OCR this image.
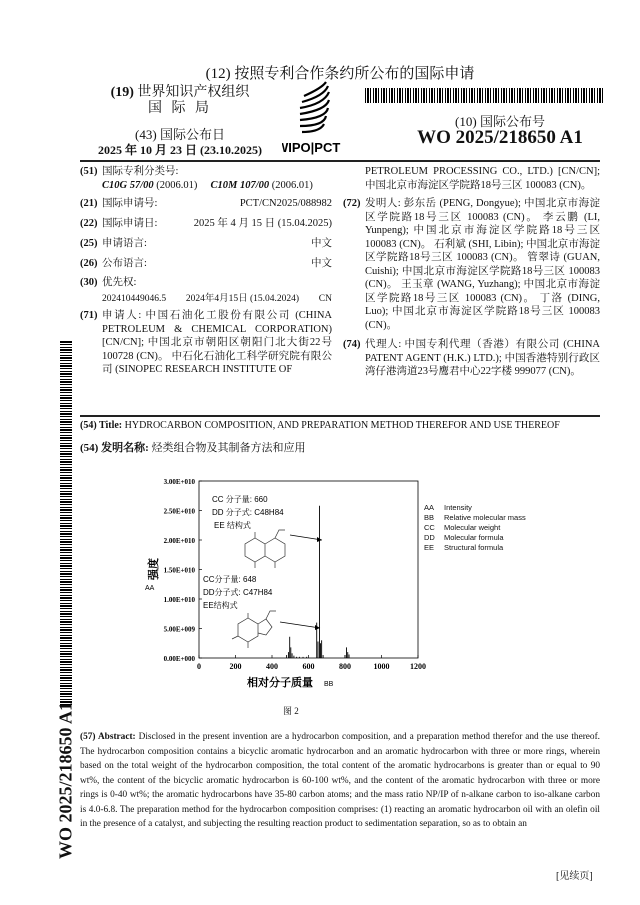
(12) 按照专利合作条约所公布的国际申请
(19) 世界知识产权组织
国 际 局
(43) 国际公布日
2025 年 10 月 23 日 (23.10.2025)	WIPO|PCT
(10) 国际公布号
WO 2025/218650 A1
(51) 国际专利分类号:
C10G 57/00 (2006.01) C10M 107/00 (2006.01)
(21) 国际申请号:	PCT/CN2025/088982
(22) 国际申请日:	2025 年 4 月 15 日 (15.04.2025)
(25) 申请语言:	中文
(26) 公布语言:	中文
(30) 优先权:
202410449046.5 2024年4月15日 (15.04.2024) CN
(71) 申请人: 中国石油化工股份有限公司 (CHINA PETROLEUM & CHEMICAL CORPORATION) [CN/CN]; 中国北京市朝阳区朝阳门北大街22号 100728 (CN)。 中石化石油化工科学研究院有限公司 (SINOPEC RESEARCH INSTITUTE OF
PETROLEUM PROCESSING CO., LTD.) [CN/CN]; 中国北京市海淀区学院路18号三区 100083 (CN)。
(72) 发明人: 彭东岳 (PENG, Dongyue); 中国北京市海淀区学院路18号三区 100083 (CN)。 李云鹏 (LI, Yunpeng); 中国北京市海淀区学院路18号三区 100083 (CN)。 石利斌 (SHI, Libin); 中国北京市海淀区学院路18号三区 100083 (CN)。 管翠诗 (GUAN, Cuishi); 中国北京市海淀区学院路18号三区 100083 (CN)。 王玉章 (WANG, Yuzhang); 中国北京市海淀区学院路18号三区 100083 (CN)。 丁洛 (DING, Luo); 中国北京市海淀区学院路18号三区 100083 (CN)。
(74) 代理人: 中国专利代理（香港）有限公司 (CHINA PATENT AGENT (H.K.) LTD.); 中国香港特别行政区湾仔港湾道23号鹰君中心22字楼 999077 (CN)。
(54) Title: HYDROCARBON COMPOSITION, AND PREPARATION METHOD THEREFOR AND USE THEREOF
(54) 发明名称: 烃类组合物及其制备方法和应用
0.00E+000
5.00E+009
1.00E+010
1.50E+010
2.00E+010
2.50E+010
3.00E+010
0	200	400	600	800	1000	1200
相对分子质量 BB
强度
AA
CC 分子量: 660
DD 分子式: C48H84
EE 结构式
CC分子量: 648
DD分子式: C47H84
EE结构式
AA Intensity
BB Relative molecular mass
CC Molecular weight
DD Molecular formula
EE Structural formula
图 2
(57) Abstract: Disclosed in the present invention are a hydrocarbon composition, and a preparation method therefor and the use thereof. The hydrocarbon composition contains a bicyclic aromatic hydrocarbon and an aromatic hydrocarbon with three or more rings, wherein based on the total weight of the hydrocarbon composition, the total content of the aromatic hydrocarbons is greater than or equal to 90 wt%, the content of the bicyclic aromatic hydrocarbon is 60-100 wt%, and the content of the aromatic hydrocarbon with three or more rings is 0-40 wt%; the aromatic hydrocarbons have 35-80 carbon atoms; and the mass ratio NP/IP of n-alkane carbon to iso-alkane carbon is 4.0-6.8. The preparation method for the hydrocarbon composition comprises: (1) reacting an aromatic hydrocarbon oil with an olefin oil in the presence of a catalyst, and subjecting the resulting reaction product to sedimentation separation, so as to obtain an
WO 2025/218650 A1
[见续页]
